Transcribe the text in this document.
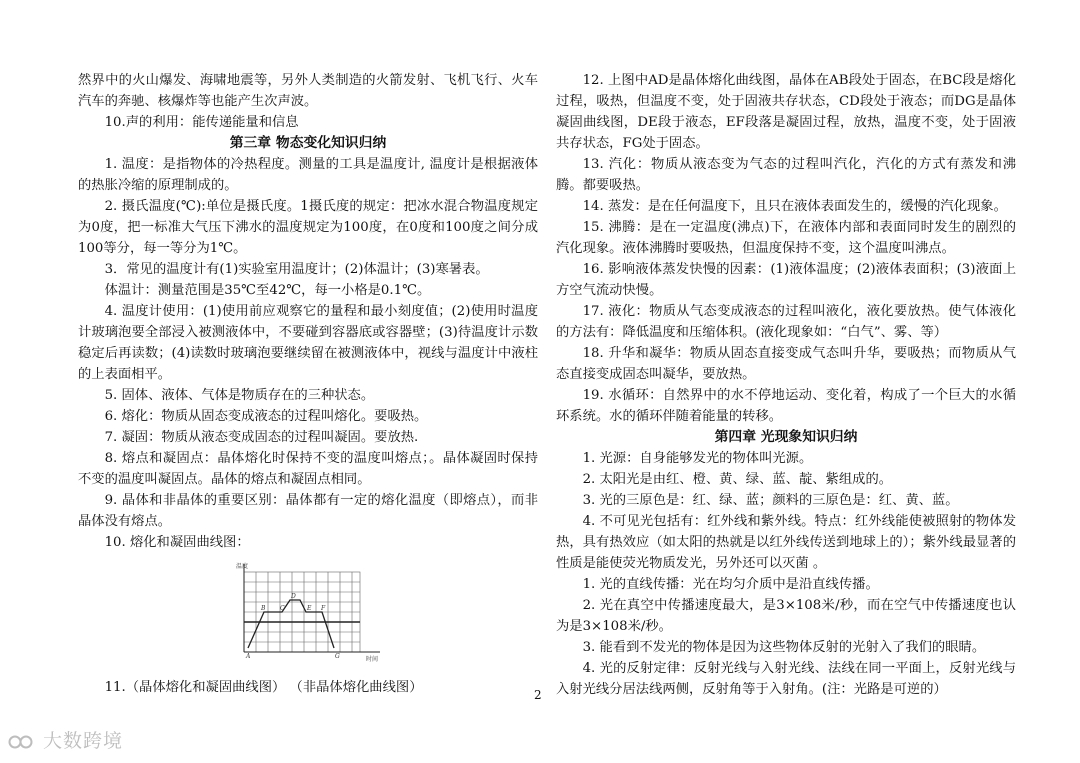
然界中的火山爆发、海啸地震等，另外人类制造的火箭发射、飞机飞行、火车汽车的奔驰、核爆炸等也能产生次声波。

10.声的利用：能传递能量和信息

第三章 物态变化知识归纳

1. 温度：是指物体的冷热程度。测量的工具是温度计, 温度计是根据液体的热胀冷缩的原理制成的。

2. 摄氏温度(℃):单位是摄氏度。1摄氏度的规定：把冰水混合物温度规定为0度，把一标准大气压下沸水的温度规定为100度，在0度和100度之间分成100等分，每一等分为1℃。

3．常见的温度计有(1)实验室用温度计；(2)体温计；(3)寒暑表。

体温计：测量范围是35℃至42℃，每一小格是0.1℃。

4. 温度计使用：(1)使用前应观察它的量程和最小刻度值；(2)使用时温度计玻璃泡要全部浸入被测液体中，不要碰到容器底或容器壁；(3)待温度计示数稳定后再读数；(4)读数时玻璃泡要继续留在被测液体中，视线与温度计中液柱的上表面相平。

5. 固体、液体、气体是物质存在的三种状态。

6. 熔化：物质从固态变成液态的过程叫熔化。要吸热。

7. 凝固：物质从液态变成固态的过程叫凝固。要放热.

8. 熔点和凝固点：晶体熔化时保持不变的温度叫熔点；。晶体凝固时保持不变的温度叫凝固点。晶体的熔点和凝固点相同。

9. 晶体和非晶体的重要区别：晶体都有一定的熔化温度（即熔点），而非晶体没有熔点。

10. 熔化和凝固曲线图：

温度
时间
A
B C
D
E F
G

11.（晶体熔化和凝固曲线图） （非晶体熔化曲线图）

12. 上图中AD是晶体熔化曲线图，晶体在AB段处于固态，在BC段是熔化过程，吸热，但温度不变，处于固液共存状态，CD段处于液态；而DG是晶体凝固曲线图，DE段于液态，EF段落是凝固过程，放热，温度不变，处于固液共存状态，FG处于固态。

13. 汽化：物质从液态变为气态的过程叫汽化，汽化的方式有蒸发和沸腾。都要吸热。

14. 蒸发：是在任何温度下，且只在液体表面发生的，缓慢的汽化现象。

15. 沸腾：是在一定温度(沸点)下，在液体内部和表面同时发生的剧烈的汽化现象。液体沸腾时要吸热，但温度保持不变，这个温度叫沸点。

16. 影响液体蒸发快慢的因素：(1)液体温度；(2)液体表面积；(3)液面上方空气流动快慢。

17. 液化：物质从气态变成液态的过程叫液化，液化要放热。使气体液化的方法有：降低温度和压缩体积。(液化现象如：“白气”、雾、等）

18. 升华和凝华：物质从固态直接变成气态叫升华，要吸热；而物质从气态直接变成固态叫凝华，要放热。

19. 水循环：自然界中的水不停地运动、变化着，构成了一个巨大的水循环系统。水的循环伴随着能量的转移。

第四章 光现象知识归纳

1. 光源：自身能够发光的物体叫光源。

2. 太阳光是由红、橙、黄、绿、蓝、靛、紫组成的。

3. 光的三原色是：红、绿、蓝；颜料的三原色是：红、黄、蓝。

4. 不可见光包括有：红外线和紫外线。特点：红外线能使被照射的物体发热，具有热效应（如太阳的热就是以红外线传送到地球上的）；紫外线最显著的性质是能使荧光物质发光，另外还可以灭菌 。

1. 光的直线传播：光在均匀介质中是沿直线传播。

2. 光在真空中传播速度最大，是3×108米/秒，而在空气中传播速度也认为是3×108米/秒。

3. 能看到不发光的物体是因为这些物体反射的光射入了我们的眼睛。

4. 光的反射定律：反射光线与入射光线、法线在同一平面上，反射光线与入射光线分居法线两侧，反射角等于入射角。(注：光路是可逆的）

2
大数跨境
